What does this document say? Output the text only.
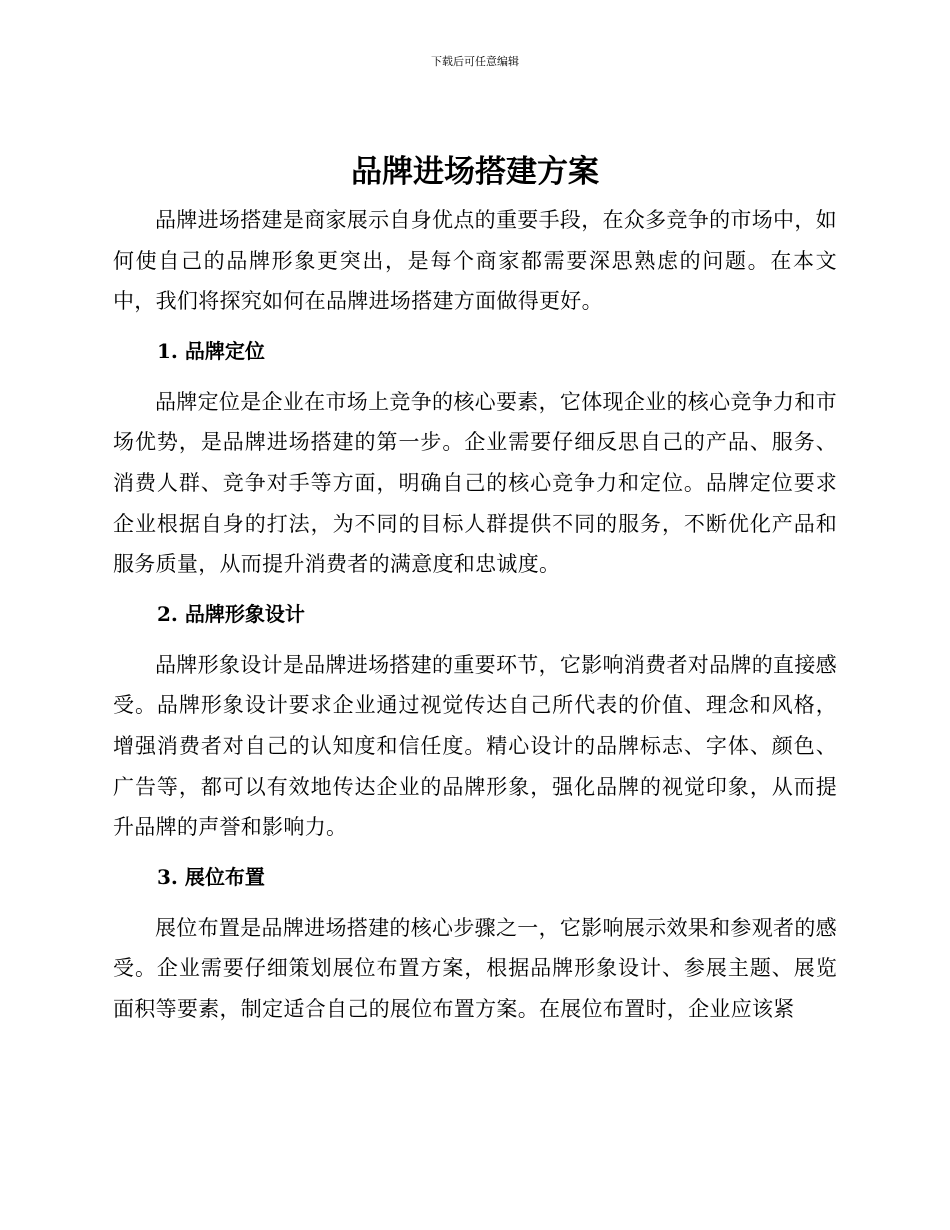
下载后可任意编辑
品牌进场搭建方案

品牌进场搭建是商家展示自身优点的重要手段，在众多竞争的市场中，如何使自己的品牌形象更突出，是每个商家都需要深思熟虑的问题。在本文中，我们将探究如何在品牌进场搭建方面做得更好。

1. 品牌定位

品牌定位是企业在市场上竞争的核心要素，它体现企业的核心竞争力和市场优势，是品牌进场搭建的第一步。企业需要仔细反思自己的产品、服务、消费人群、竞争对手等方面，明确自己的核心竞争力和定位。品牌定位要求企业根据自身的打法，为不同的目标人群提供不同的服务，不断优化产品和服务质量，从而提升消费者的满意度和忠诚度。

2. 品牌形象设计

品牌形象设计是品牌进场搭建的重要环节，它影响消费者对品牌的直接感受。品牌形象设计要求企业通过视觉传达自己所代表的价值、理念和风格，增强消费者对自己的认知度和信任度。精心设计的品牌标志、字体、颜色、广告等，都可以有效地传达企业的品牌形象，强化品牌的视觉印象，从而提升品牌的声誉和影响力。

3. 展位布置

展位布置是品牌进场搭建的核心步骤之一，它影响展示效果和参观者的感受。企业需要仔细策划展位布置方案，根据品牌形象设计、参展主题、展览面积等要素，制定适合自己的展位布置方案。在展位布置时，企业应该紧
